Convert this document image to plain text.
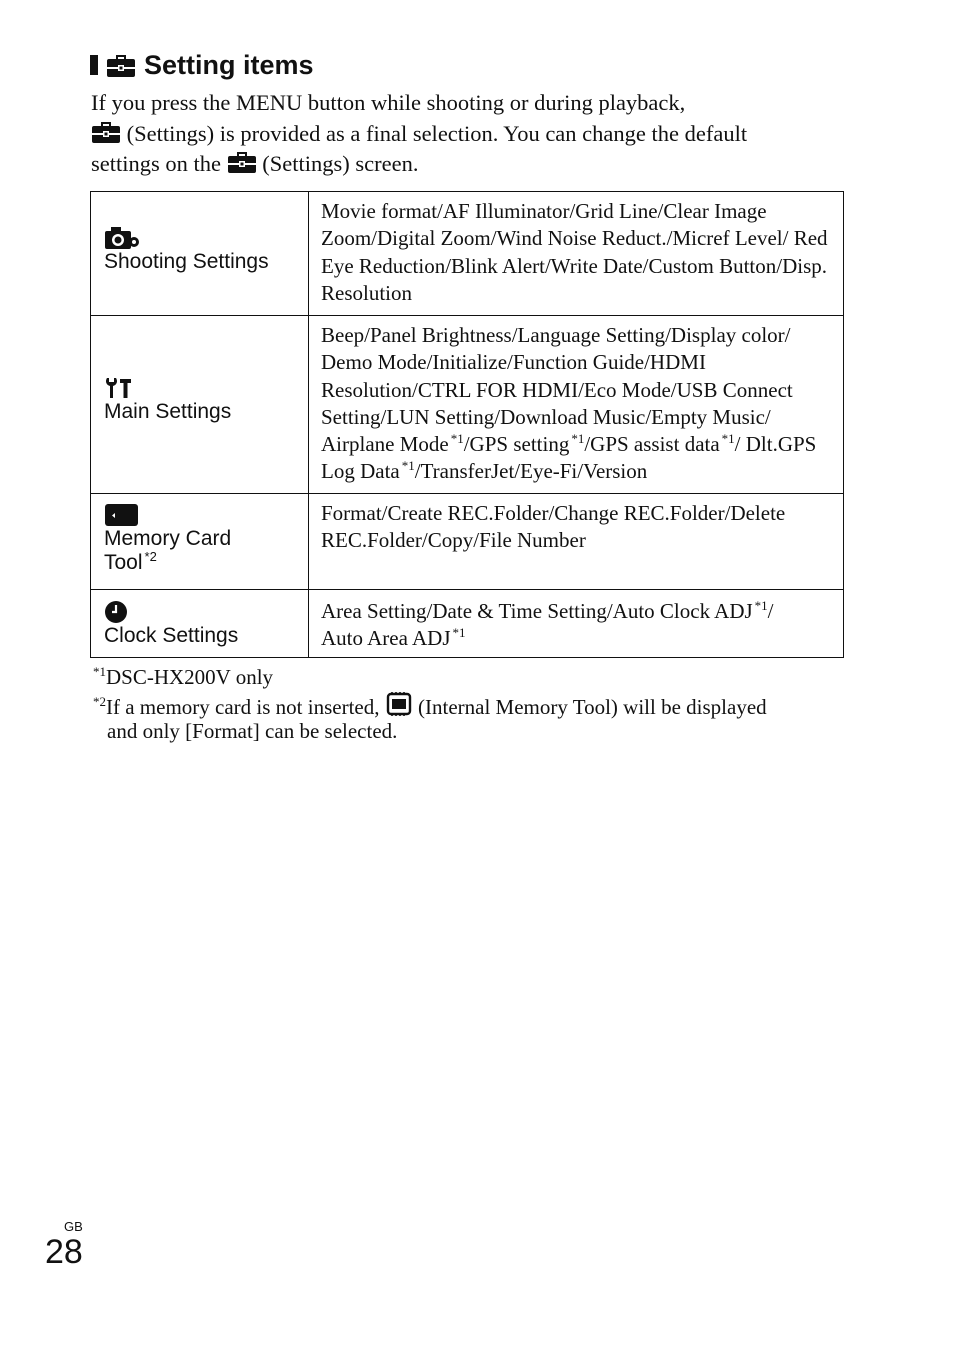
Setting items
If you press the MENU button while shooting or during playback,
(Settings) is provided as a final selection. You can change the default
settings on the  (Settings) screen.
Shooting Settings	Movie format/AF Illuminator/Grid Line/Clear Image Zoom/Digital Zoom/Wind Noise Reduct./Micref Level/ Red Eye Reduction/Blink Alert/Write Date/Custom Button/Disp. Resolution

Main Settings	Beep/Panel Brightness/Language Setting/Display color/ Demo Mode/Initialize/Function Guide/HDMI Resolution/CTRL FOR HDMI/Eco Mode/USB Connect Setting/LUN Setting/Download Music/Empty Music/ Airplane Mode $^{*1}$/GPS setting $^{*1}$/GPS assist data $^{*1}$/ Dlt.GPS Log Data $^{*1}$/TransferJet/Eye-Fi/Version

Memory Card
Tool $^{*2}$	Format/Create REC.Folder/Change REC.Folder/Delete REC.Folder/Copy/File Number

Clock Settings	Area Setting/Date & Time Setting/Auto Clock ADJ $^{*1}$/
Auto Area ADJ $^{*1}$
$^{*1}$DSC-HX200V only
$^{*2}$If a memory card is not inserted,  (Internal Memory Tool) will be displayed
and only [Format] can be selected.
GB
28
